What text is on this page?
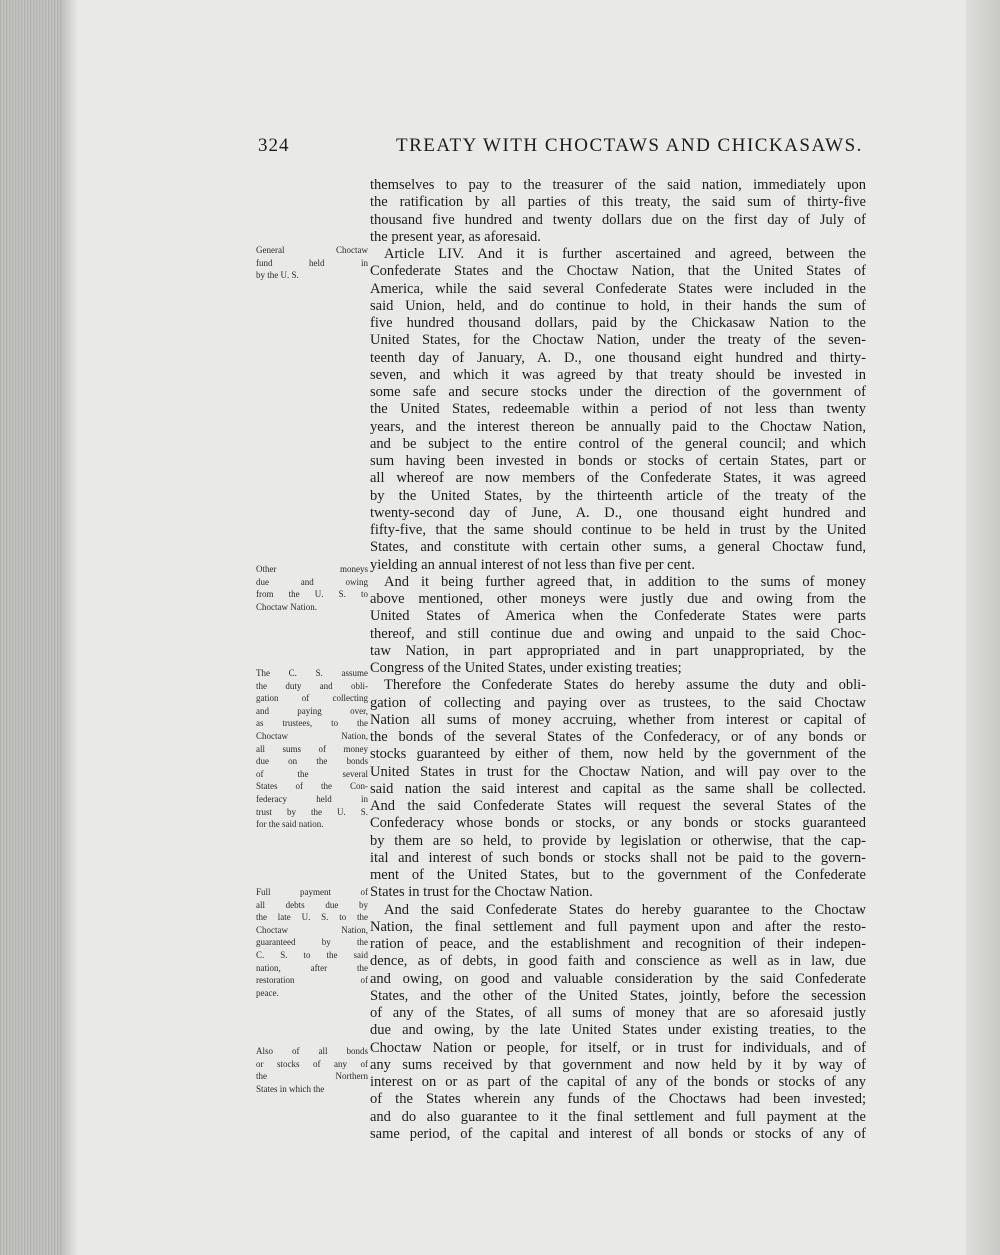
324	TREATY WITH CHOCTAWS AND CHICKASAWS.
themselves to pay to the treasurer of the said nation, immediately upon
the ratification by all parties of this treaty, the said sum of thirty-five
thousand five hundred and twenty dollars due on the first day of July of
the present year, as aforesaid.
Article LIV. And it is further ascertained and agreed, between the
Confederate States and the Choctaw Nation, that the United States of
America, while the said several Confederate States were included in the
said Union, held, and do continue to hold, in their hands the sum of
five hundred thousand dollars, paid by the Chickasaw Nation to the
United States, for the Choctaw Nation, under the treaty of the seven-
teenth day of January, A. D., one thousand eight hundred and thirty-
seven, and which it was agreed by that treaty should be invested in
some safe and secure stocks under the direction of the government of
the United States, redeemable within a period of not less than twenty
years, and the interest thereon be annually paid to the Choctaw Nation,
and be subject to the entire control of the general council; and which
sum having been invested in bonds or stocks of certain States, part or
all whereof are now members of the Confederate States, it was agreed
by the United States, by the thirteenth article of the treaty of the
twenty-second day of June, A. D., one thousand eight hundred and
fifty-five, that the same should continue to be held in trust by the United
States, and constitute with certain other sums, a general Choctaw fund,
yielding an annual interest of not less than five per cent.
And it being further agreed that, in addition to the sums of money
above mentioned, other moneys were justly due and owing from the
United States of America when the Confederate States were parts
thereof, and still continue due and owing and unpaid to the said Choc-
taw Nation, in part appropriated and in part unappropriated, by the
Congress of the United States, under existing treaties;
Therefore the Confederate States do hereby assume the duty and obli-
gation of collecting and paying over as trustees, to the said Choctaw
Nation all sums of money accruing, whether from interest or capital of
the bonds of the several States of the Confederacy, or of any bonds or
stocks guaranteed by either of them, now held by the government of the
United States in trust for the Choctaw Nation, and will pay over to the
said nation the said interest and capital as the same shall be collected.
And the said Confederate States will request the several States of the
Confederacy whose bonds or stocks, or any bonds or stocks guaranteed
by them are so held, to provide by legislation or otherwise, that the cap-
ital and interest of such bonds or stocks shall not be paid to the govern-
ment of the United States, but to the government of the Confederate
States in trust for the Choctaw Nation.
And the said Confederate States do hereby guarantee to the Choctaw
Nation, the final settlement and full payment upon and after the resto-
ration of peace, and the establishment and recognition of their indepen-
dence, as of debts, in good faith and conscience as well as in law, due
and owing, on good and valuable consideration by the said Confederate
States, and the other of the United States, jointly, before the secession
of any of the States, of all sums of money that are so aforesaid justly
due and owing, by the late United States under existing treaties, to the
Choctaw Nation or people, for itself, or in trust for individuals, and of
any sums received by that government and now held by it by way of
interest on or as part of the capital of any of the bonds or stocks of any
of the States wherein any funds of the Choctaws had been invested;
and do also guarantee to it the final settlement and full payment at the
same period, of the capital and interest of all bonds or stocks of any of
General Choctaw
fund held in
by the U. S.
Other moneys
due and owing
from the U. S. to
Choctaw Nation.
The C. S. assume
the duty and obli-
gation of collecting
and paying over,
as trustees, to the
Choctaw Nation,
all sums of money
due on the bonds
of the several
States of the Con-
federacy held in
trust by the U. S.
for the said nation.
Full payment of
all debts due by
the late U. S. to the
Choctaw Nation,
guaranteed by the
C. S. to the said
nation, after the
restoration of
peace.
Also of all bonds
or stocks of any of
the Northern
States in which the
